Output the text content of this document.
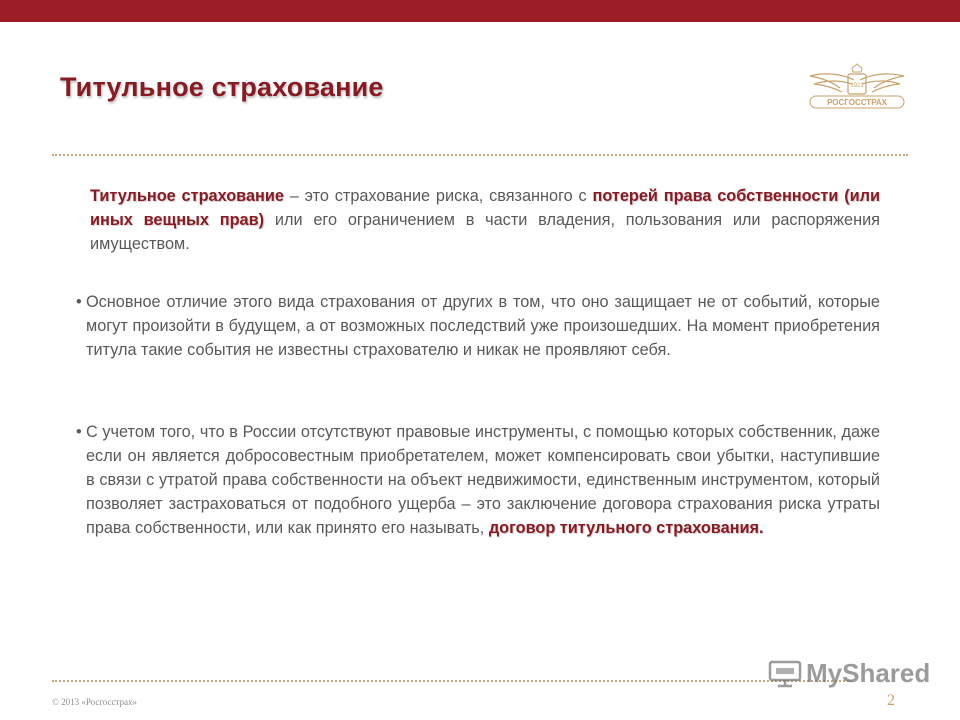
Титульное страхование	1921
РОСГОССТРАХ

Титульное страхование – это страхование риска, связанного с потерей права собственности (или иных вещных прав) или его ограничением в части владения, пользования или распоряжения имуществом.

• Основное отличие этого вида страхования от других в том, что оно защищает не от событий, которые могут произойти в будущем, а от возможных последствий уже произошедших. На момент приобретения титула такие события не известны страхователю и никак не проявляют себя.
• С учетом того, что в России отсутствуют правовые инструменты, с помощью которых собственник, даже если он является добросовестным приобретателем, может компенсировать свои убытки, наступившие в связи с утратой права собственности на объект недвижимости, единственным инструментом, который позволяет застраховаться от подобного ущерба – это заключение договора страхования риска утраты права собственности, или как принято его называть, договор титульного страхования.
MyShared
© 2013 «Росгосстрах»	2
